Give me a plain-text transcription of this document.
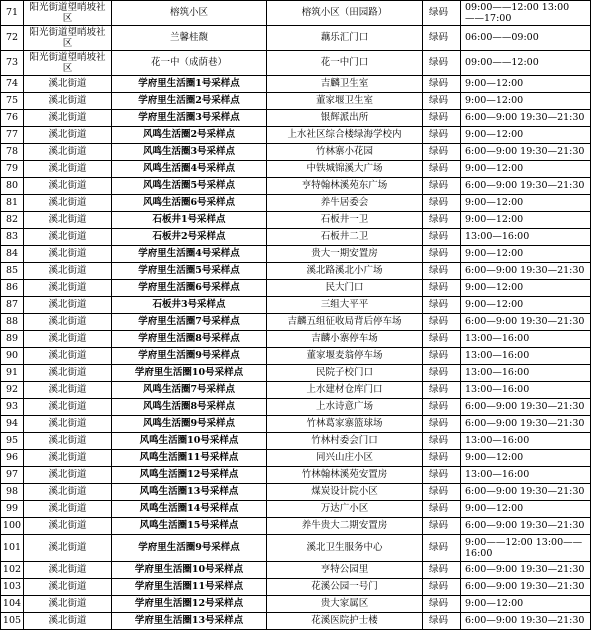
71	阳光街道望哨坡社区	榕筑小区	榕筑小区（田园路）	绿码	09:00——12:00 13:00——17:00
72	阳光街道望哨坡社区	兰馨桂馥	藕乐汇门口	绿码	06:00——09:00
73	阳光街道望哨坡社区	花一中（成荫巷）	花一中门口	绿码	09:00——12:00
74	溪北街道	学府里生活圈1号采样点	吉麟卫生室	绿码	9:00—12:00
75	溪北街道	学府里生活圈2号采样点	董家堰卫生室	绿码	9:00—12:00
76	溪北街道	学府里生活圈3号采样点	银辉派出所	绿码	6:00—9:00 19:30—21:30
77	溪北街道	风鸣生活圈2号采样点	上水社区综合楼绿海学校内	绿码	9:00—12:00
78	溪北街道	风鸣生活圈3号采样点	竹林寨小花园	绿码	6:00—9:00 19:30—21:30
79	溪北街道	风鸣生活圈4号采样点	中铁城锦溪大广场	绿码	9:00—12:00
80	溪北街道	风鸣生活圈5号采样点	亨特翰林溪苑东广场	绿码	6:00—9:00 19:30—21:30
81	溪北街道	风鸣生活圈6号采样点	养牛居委会	绿码	9:00—12:00
82	溪北街道	石板井1号采样点	石板井一卫	绿码	9:00—12:00
83	溪北街道	石板井2号采样点	石板井二卫	绿码	13:00—16:00
84	溪北街道	学府里生活圈4号采样点	贵大一期安置房	绿码	9:00—12:00
85	溪北街道	学府里生活圈5号采样点	溪北路溪北小广场	绿码	6:00—9:00 19:30—21:30
86	溪北街道	学府里生活圈6号采样点	民大门口	绿码	9:00—12:00
87	溪北街道	石板井3号采样点	三组大平平	绿码	9:00—12:00
88	溪北街道	学府里生活圈7号采样点	吉麟五组征收局背后停车场	绿码	6:00—9:00 19:30—21:30
89	溪北街道	学府里生活圈8号采样点	吉麟小寨停车场	绿码	13:00—16:00
90	溪北街道	学府里生活圈9号采样点	董家堰麦翁停车场	绿码	13:00—16:00
91	溪北街道	学府里生活圈10号采样点	民院子校门口	绿码	13:00—16:00
92	溪北街道	风鸣生活圈7号采样点	上水建材仓库门口	绿码	13:00—16:00
93	溪北街道	风鸣生活圈8号采样点	上水诗意广场	绿码	6:00—9:00 19:30—21:30
94	溪北街道	风鸣生活圈9号采样点	竹林葛家寨篮球场	绿码	6:00—9:00 19:30—21:30
95	溪北街道	风鸣生活圈10号采样点	竹林村委会门口	绿码	13:00—16:00
96	溪北街道	风鸣生活圈11号采样点	同兴山庄小区	绿码	9:00—12:00
97	溪北街道	风鸣生活圈12号采样点	竹林翰林溪苑安置房	绿码	13:00—16:00
98	溪北街道	风鸣生活圈13号采样点	煤炭设计院小区	绿码	6:00—9:00 19:30—21:30
99	溪北街道	风鸣生活圈14号采样点	万达广小区	绿码	9:00—12:00
100	溪北街道	风鸣生活圈15号采样点	养牛贵大二期安置房	绿码	6:00—9:00 19:30—21:30
101	溪北街道	学府里生活圈9号采样点	溪北卫生服务中心	绿码	9:00——12:00 13:00—— 16:00
102	溪北街道	学府里生活圈10号采样点	亨特公园里	绿码	6:00—9:00 19:30—21:30
103	溪北街道	学府里生活圈11号采样点	花溪公园一号门	绿码	6:00—9:00 19:30—21:30
104	溪北街道	学府里生活圈12号采样点	贵大家属区	绿码	9:00—12:00
105	溪北街道	学府里生活圈13号采样点	花溪医院护士楼	绿码	6:00—9:00 19:30—21:30
